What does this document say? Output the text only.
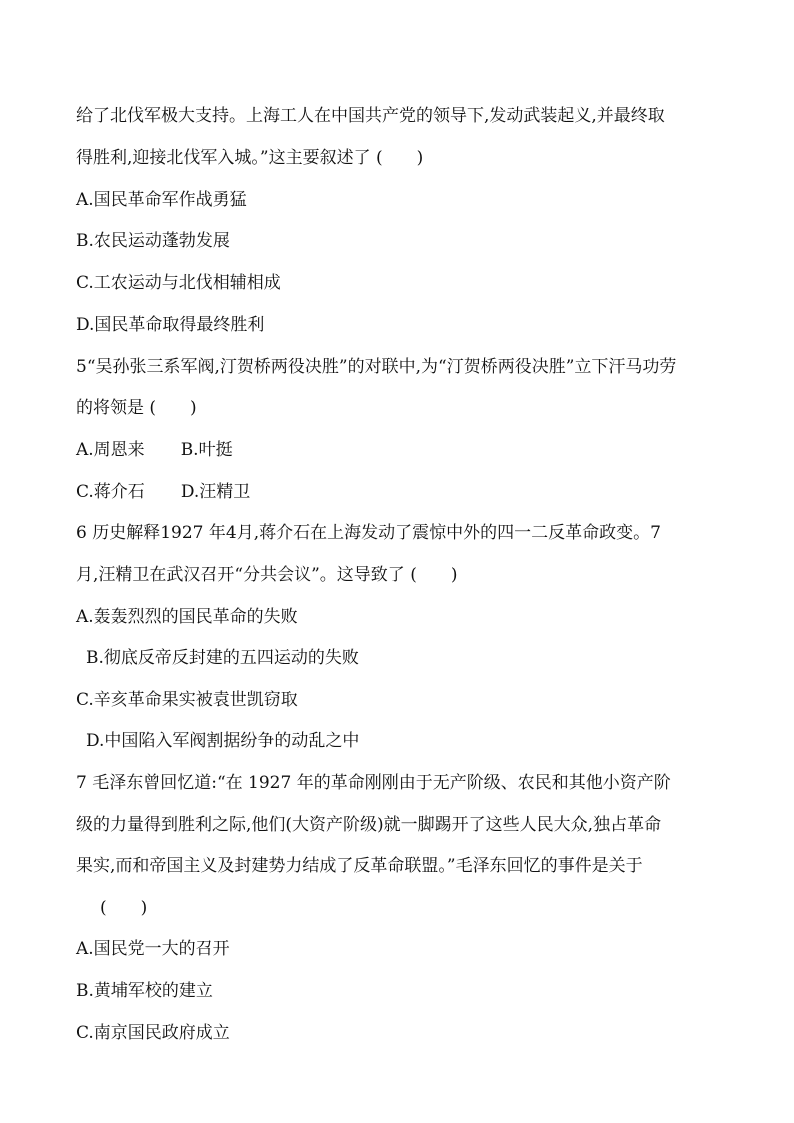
给了北伐军极大支持。上海工人在中国共产党的领导下,发动武装起义,并最终取
得胜利,迎接北伐军入城。”这主要叙述了 (　　)
A.国民革命军作战勇猛
B.农民运动蓬勃发展
C.工农运动与北伐相辅相成
D.国民革命取得最终胜利
5“吴孙张三系军阀,汀贺桥两役决胜”的对联中,为“汀贺桥两役决胜”立下汗马功劳
的将领是 (　　)
A.周恩来 B.叶挺
C.蒋介石 D.汪精卫
6 历史解释1927 年4月,蒋介石在上海发动了震惊中外的四一二反革命政变。7
月,汪精卫在武汉召开“分共会议”。这导致了 (　　)
A.轰轰烈烈的国民革命的失败
B.彻底反帝反封建的五四运动的失败
C.辛亥革命果实被袁世凯窃取
D.中国陷入军阀割据纷争的动乱之中
7 毛泽东曾回忆道:“在 1927 年的革命刚刚由于无产阶级、农民和其他小资产阶
级的力量得到胜利之际,他们(大资产阶级)就一脚踢开了这些人民大众,独占革命
果实,而和帝国主义及封建势力结成了反革命联盟。”毛泽东回忆的事件是关于
(　　)
A.国民党一大的召开
B.黄埔军校的建立
C.南京国民政府成立
